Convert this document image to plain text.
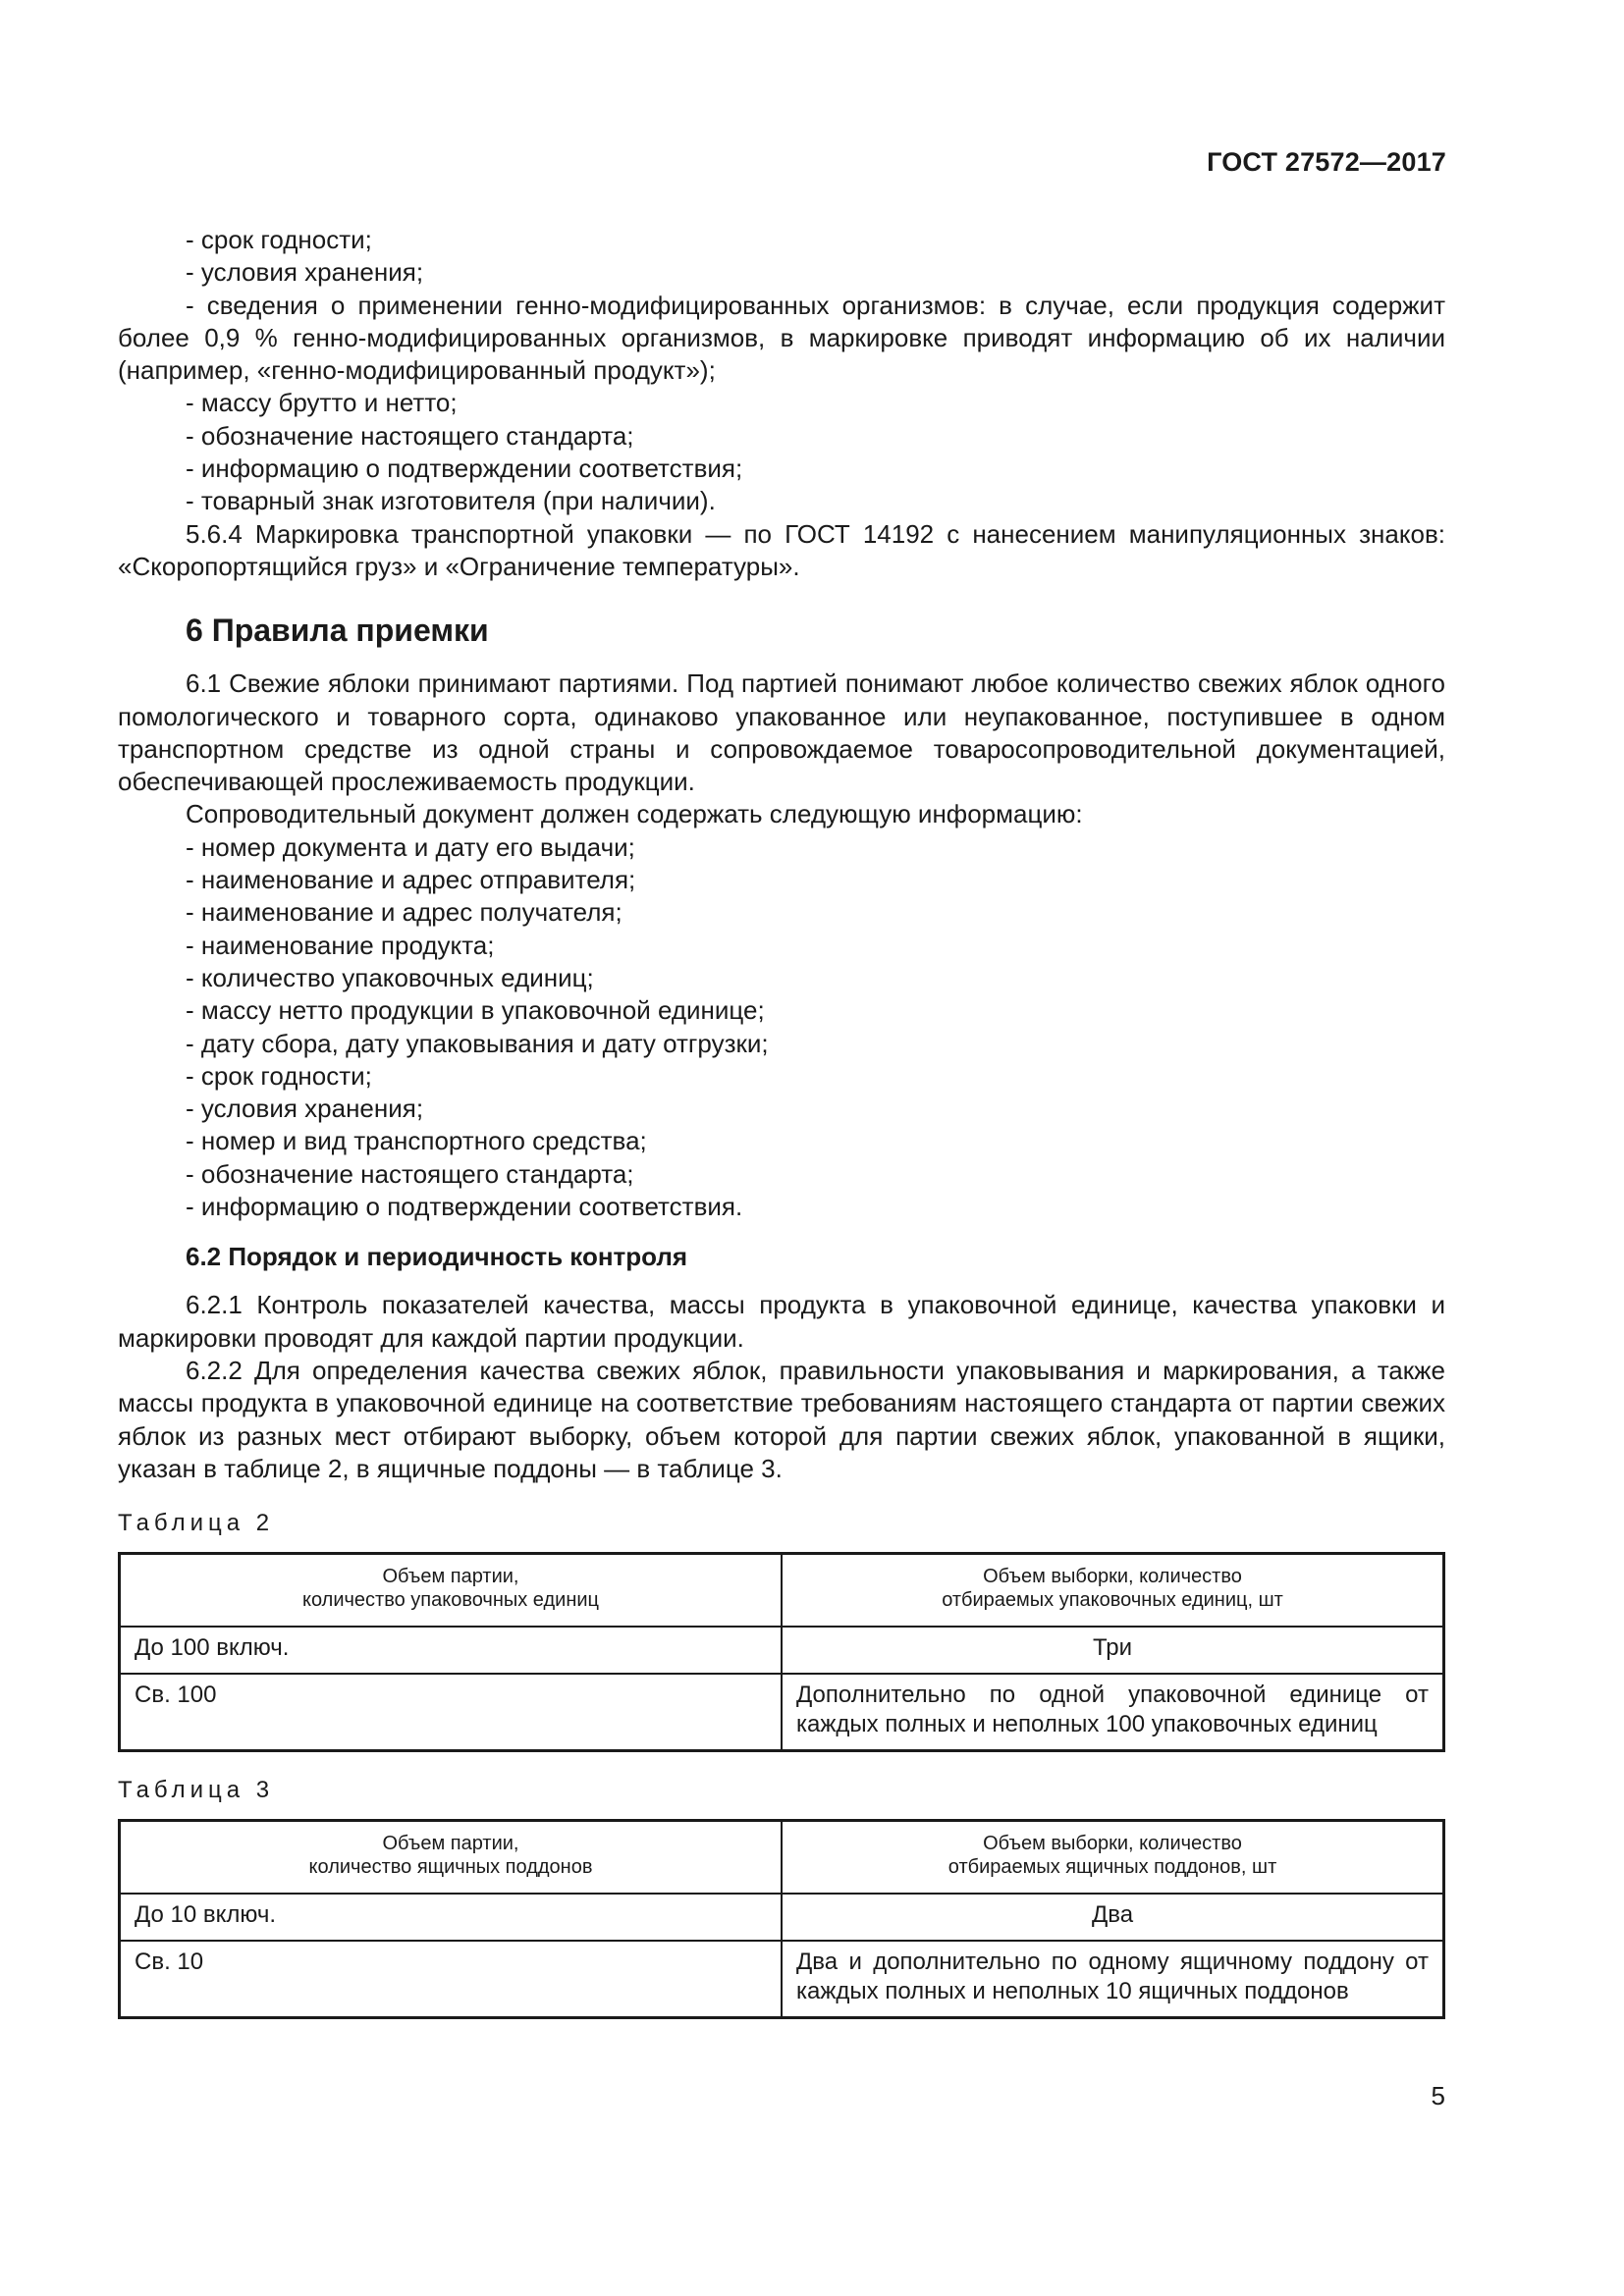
ГОСТ 27572—2017

- срок годности;

- условия хранения;

- сведения о применении генно-модифицированных организмов: в случае, если продукция содержит более 0,9 % генно-модифицированных организмов, в маркировке приводят информацию об их наличии (например, «генно-модифицированный продукт»);

- массу брутто и нетто;

- обозначение настоящего стандарта;

- информацию о подтверждении соответствия;

- товарный знак изготовителя (при наличии).

5.6.4 Маркировка транспортной упаковки — по ГОСТ 14192 с нанесением манипуляционных знаков: «Скоропортящийся груз» и «Ограничение температуры».

6 Правила приемки

6.1 Свежие яблоки принимают партиями. Под партией понимают любое количество свежих яблок одного помологического и товарного сорта, одинаково упакованное или неупакованное, поступившее в одном транспортном средстве из одной страны и сопровождаемое товаросопроводительной документацией, обеспечивающей прослеживаемость продукции.

Сопроводительный документ должен содержать следующую информацию:

- номер документа и дату его выдачи;

- наименование и адрес отправителя;

- наименование и адрес получателя;

- наименование продукта;

- количество упаковочных единиц;

- массу нетто продукции в упаковочной единице;

- дату сбора, дату упаковывания и дату отгрузки;

- срок годности;

- условия хранения;

- номер и вид транспортного средства;

- обозначение настоящего стандарта;

- информацию о подтверждении соответствия.

6.2 Порядок и периодичность контроля

6.2.1 Контроль показателей качества, массы продукта в упаковочной единице, качества упаковки и маркировки проводят для каждой партии продукции.

6.2.2 Для определения качества свежих яблок, правильности упаковывания и маркирования, а также массы продукта в упаковочной единице на соответствие требованиям настоящего стандарта от партии свежих яблок из разных мест отбирают выборку, объем которой для партии свежих яблок, упакованной в ящики, указан в таблице 2, в ящичные поддоны — в таблице 3.

Таблица 2
Объем партии,
количество упаковочных единиц	Объем выборки, количество
отбираемых упаковочных единиц, шт

До 100 включ.	Три
Св. 100	Дополнительно по одной упаковочной единице от каждых полных и неполных 100 упаковочных единиц
Таблица 3
Объем партии,
количество ящичных поддонов	Объем выборки, количество
отбираемых ящичных поддонов, шт

До 10 включ.	Два
Св. 10	Два и дополнительно по одному ящичному поддону от каждых полных и неполных 10 ящичных поддонов
5
